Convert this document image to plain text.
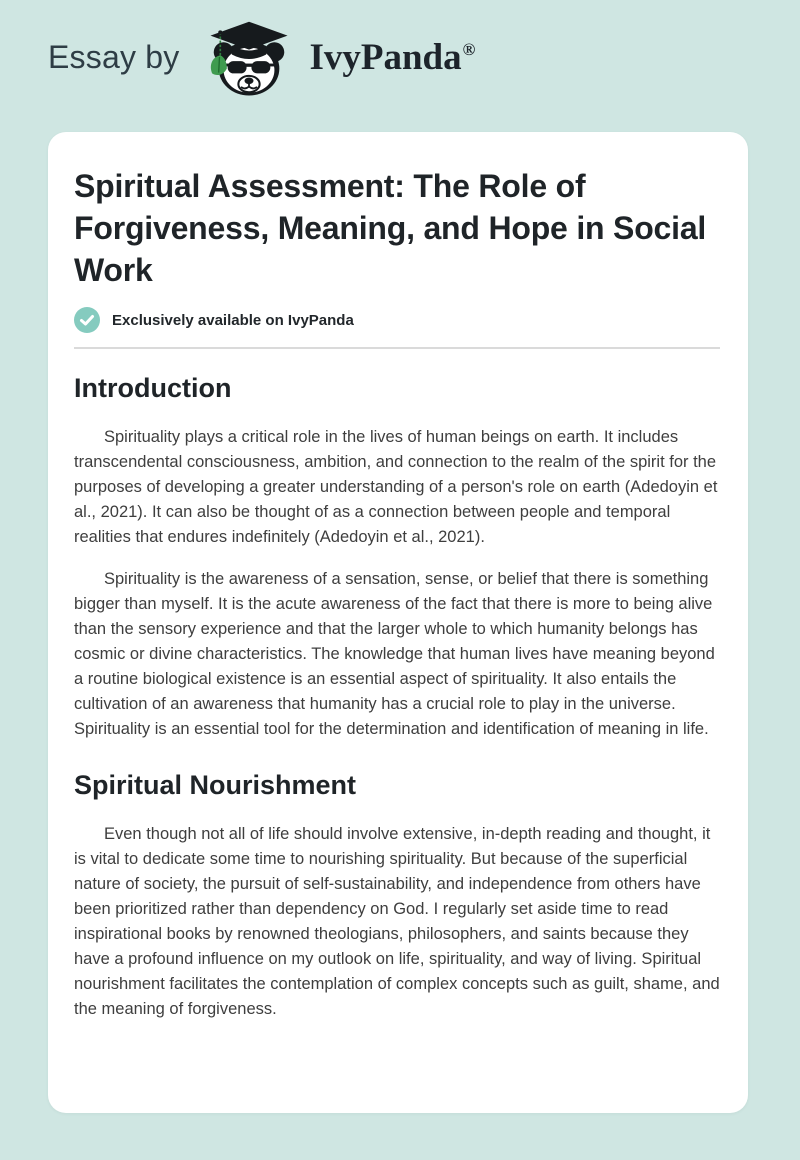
Essay by	IvyPanda®
Spiritual Assessment: The Role of Forgiveness, Meaning, and Hope in Social Work
Exclusively available on IvyPanda
Introduction

Spirituality plays a critical role in the lives of human beings on earth. It includes transcendental consciousness, ambition, and connection to the realm of the spirit for the purposes of developing a greater understanding of a person's role on earth (Adedoyin et al., 2021). It can also be thought of as a connection between people and temporal realities that endures indefinitely (Adedoyin et al., 2021).

Spirituality is the awareness of a sensation, sense, or belief that there is something bigger than myself. It is the acute awareness of the fact that there is more to being alive than the sensory experience and that the larger whole to which humanity belongs has cosmic or divine characteristics. The knowledge that human lives have meaning beyond a routine biological existence is an essential aspect of spirituality. It also entails the cultivation of an awareness that humanity has a crucial role to play in the universe. Spirituality is an essential tool for the determination and identification of meaning in life.

Spiritual Nourishment

Even though not all of life should involve extensive, in-depth reading and thought, it is vital to dedicate some time to nourishing spirituality. But because of the superficial nature of society, the pursuit of self-sustainability, and independence from others have been prioritized rather than dependency on God. I regularly set aside time to read inspirational books by renowned theologians, philosophers, and saints because they have a profound influence on my outlook on life, spirituality, and way of living. Spiritual nourishment facilitates the contemplation of complex concepts such as guilt, shame, and the meaning of forgiveness.
